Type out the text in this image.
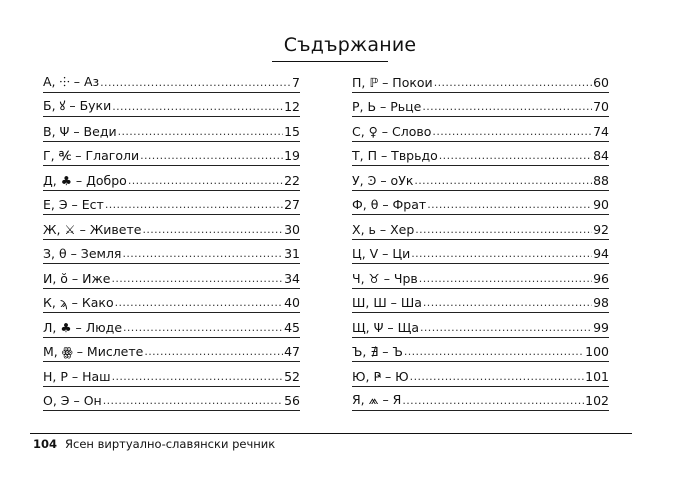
Съдържание
А, ⸭ – Аз .....	7
Б, ꙋ – Буки .....	12
В, Ψ – Веди .....	15
Г, ℀ – Глаголи .....	19
Д, ♣ – Добро .....	22
Е, Э – Ест .....	27
Ж, ⚔ – Живете .....	30
З, θ – Земля .....	31
И, ŏ – Иже .....	34
К, ϡ – Како .....	40
Л, ♣ – Люде .....	45
М, ꙮ – Мислете .....	47
Н, Р – Наш .....	52
О, Э – Он .....	56
П, ℙ – Покои .....	60
Р, Ь – Рьце .....	70
С, ♀ – Слово .....	74
Т, Π – Тврьдо .....	84
У, Ͽ – оУк .....	88
Ф, θ – Фрат .....	90
Х, ь – Хер .....	92
Ц, V – Ци .....	94
Ч, ♉ – Чрв .....	96
Ш, Ш – Ша .....	98
Щ, Ψ – Ща .....	99
Ъ, ∄ – Ъ .....	100
Ю, Ҏ – Ю .....	101
Я, ⩕ – Я .....	102
104 Ясен виртуално-славянски речник
